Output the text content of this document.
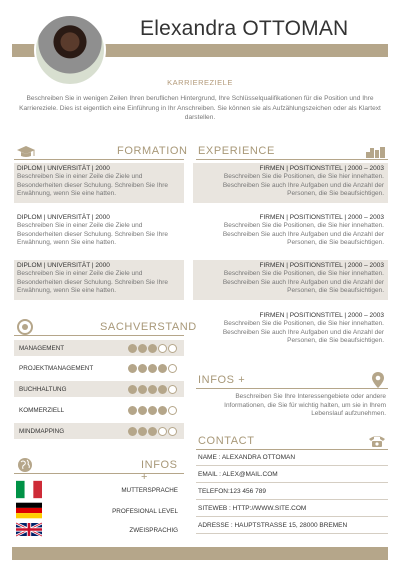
Elexandra OTTOMAN
KARRIEREZIELE
Beschreiben Sie in wenigen Zeilen Ihren beruflichen Hintergrund, Ihre Schlüsselqualifikationen für die Position und Ihre Karriereziele. Dies ist eigentlich eine Einführung in Ihr Anschreiben. Sie können sie als Aufzählungszeichen oder als Klartext darstellen.
FORMATION EXPERIENCE
DIPLOM | UNIVERSITÄT | 2000
Beschreiben Sie in einer Zeile die Ziele und Besonderheiten dieser Schulung. Schreiben Sie Ihre Erwähnung, wenn Sie eine hatten.
DIPLOM | UNIVERSITÄT | 2000
Beschreiben Sie in einer Zeile die Ziele und Besonderheiten dieser Schulung. Schreiben Sie Ihre Erwähnung, wenn Sie eine hatten.
DIPLOM | UNIVERSITÄT | 2000
Beschreiben Sie in einer Zeile die Ziele und Besonderheiten dieser Schulung. Schreiben Sie Ihre Erwähnung, wenn Sie eine hatten.
FIRMEN | POSITIONSTITEL | 2000 – 2003
Beschreiben Sie die Positionen, die Sie hier innehatten. Beschreiben Sie auch Ihre Aufgaben und die Anzahl der Personen, die Sie beaufsichtigen.
FIRMEN | POSITIONSTITEL | 2000 – 2003
Beschreiben Sie die Positionen, die Sie hier innehatten. Beschreiben Sie auch Ihre Aufgaben und die Anzahl der Personen, die Sie beaufsichtigen.
FIRMEN | POSITIONSTITEL | 2000 – 2003
Beschreiben Sie die Positionen, die Sie hier innehatten. Beschreiben Sie auch Ihre Aufgaben und die Anzahl der Personen, die Sie beaufsichtigen.
FIRMEN | POSITIONSTITEL | 2000 – 2003
Beschreiben Sie die Positionen, die Sie hier innehatten. Beschreiben Sie auch Ihre Aufgaben und die Anzahl der Personen, die Sie beaufsichtigen.
SACHVERSTAND
MANAGEMENT
PROJEKTMANAGEMENT
BUCHHALTUNG
KOMMERZIELL
MINDMAPPING
INFOS +
MUTTERSPRACHE
PROFESIONAL LEVEL
ZWEISPRACHIG
INFOS +
Beschreiben Sie Ihre Interessengebiete oder andere Informationen, die Sie für wichtig halten, um sie in Ihrem Lebenslauf aufzunehmen.
CONTACT
NAME : ALEXANDRA OTTOMAN
EMAIL : ALEX@MAIL.COM
TELEFON:123 456 789
SITEWEB : HTTP://WWW.SITE.COM
ADRESSE : HAUPTSTRASSE 15, 28000 BREMEN
